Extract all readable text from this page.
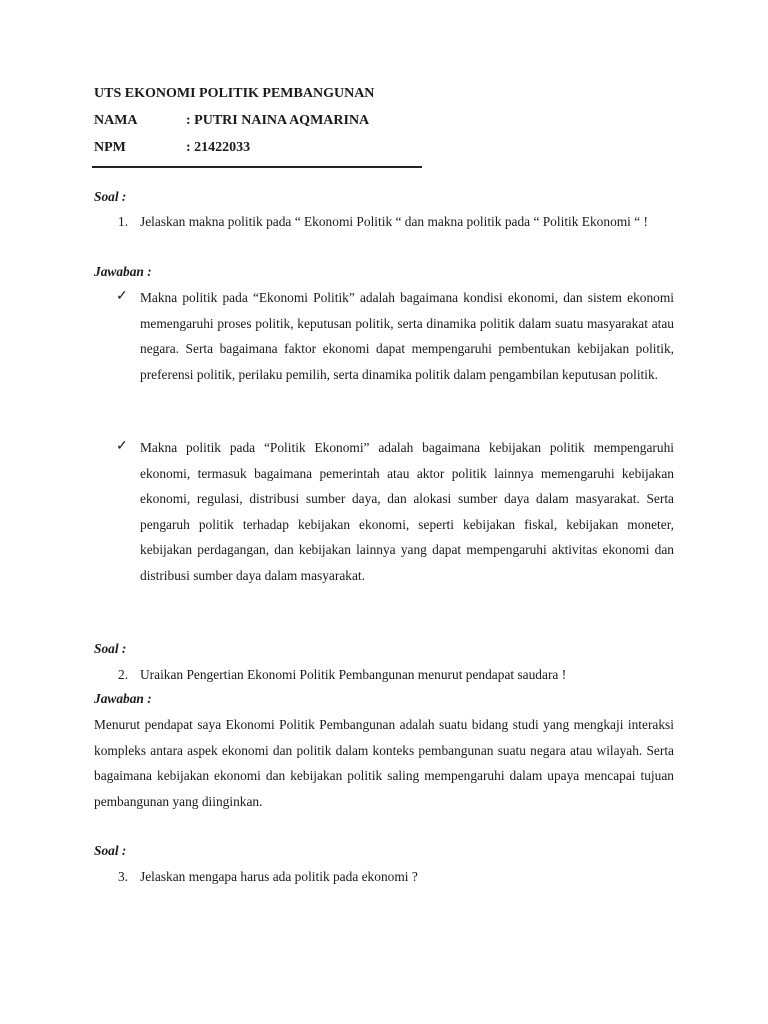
UTS EKONOMI POLITIK PEMBANGUNAN
NAMA	: PUTRI NAINA AQMARINA
NPM	: 21422033
Soal :
1. Jelaskan makna politik pada “ Ekonomi Politik “ dan makna politik pada “ Politik Ekonomi “ !
Jawaban :
✓ Makna politik pada “Ekonomi Politik” adalah bagaimana kondisi ekonomi, dan sistem ekonomi memengaruhi proses politik, keputusan politik, serta dinamika politik dalam suatu masyarakat atau negara. Serta bagaimana faktor ekonomi dapat mempengaruhi pembentukan kebijakan politik, preferensi politik, perilaku pemilih, serta dinamika politik dalam pengambilan keputusan politik.
✓ Makna politik pada “Politik Ekonomi” adalah bagaimana kebijakan politik mempengaruhi ekonomi, termasuk bagaimana pemerintah atau aktor politik lainnya memengaruhi kebijakan ekonomi, regulasi, distribusi sumber daya, dan alokasi sumber daya dalam masyarakat. Serta pengaruh politik terhadap kebijakan ekonomi, seperti kebijakan fiskal, kebijakan moneter, kebijakan perdagangan, dan kebijakan lainnya yang dapat mempengaruhi aktivitas ekonomi dan distribusi sumber daya dalam masyarakat.
Soal :
2. Uraikan Pengertian Ekonomi Politik Pembangunan menurut pendapat saudara !
Jawaban :
Menurut pendapat saya Ekonomi Politik Pembangunan adalah suatu bidang studi yang mengkaji interaksi kompleks antara aspek ekonomi dan politik dalam konteks pembangunan suatu negara atau wilayah. Serta bagaimana kebijakan ekonomi dan kebijakan politik saling mempengaruhi dalam upaya mencapai tujuan pembangunan yang diinginkan.
Soal :
3. Jelaskan mengapa harus ada politik pada ekonomi ?
